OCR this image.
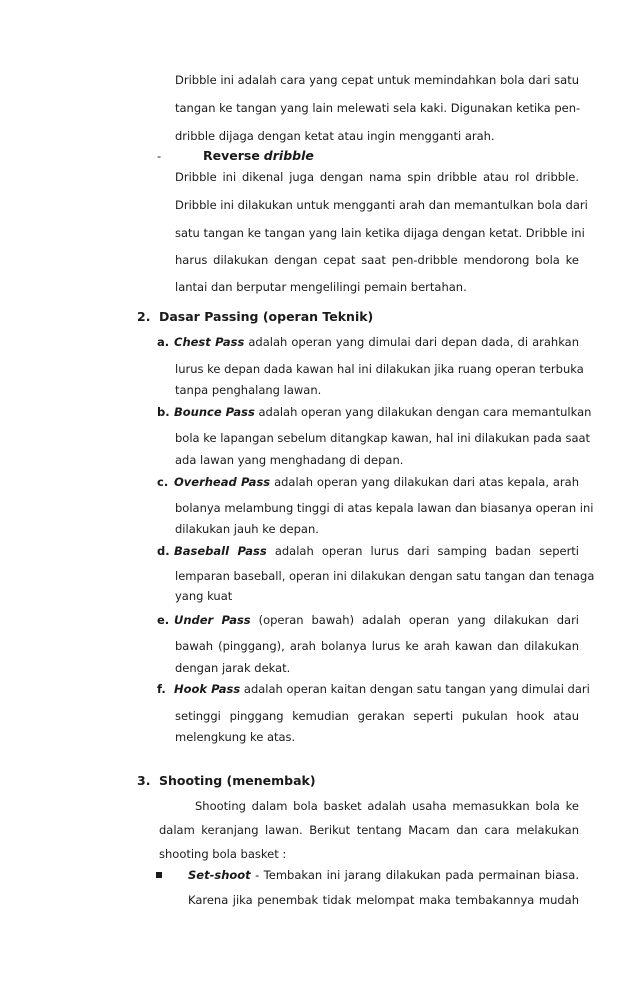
Dribble ini adalah cara yang cepat untuk memindahkan bola dari satu
tangan ke tangan yang lain melewati sela kaki. Digunakan ketika pen-
dribble dijaga dengan ketat atau ingin mengganti arah.
-	Reverse dribble
Dribble ini dikenal juga dengan nama spin dribble atau rol dribble.
Dribble ini dilakukan untuk mengganti arah dan memantulkan bola dari
satu tangan ke tangan yang lain ketika dijaga dengan ketat. Dribble ini
harus dilakukan dengan cepat saat pen-dribble mendorong bola ke
lantai dan berputar mengelilingi pemain bertahan.
2. Dasar Passing (operan Teknik)
a. Chest Pass adalah operan yang dimulai dari depan dada, di arahkan
lurus ke depan dada kawan hal ini dilakukan jika ruang operan terbuka
tanpa penghalang lawan.
b. Bounce Pass adalah operan yang dilakukan dengan cara memantulkan
bola ke lapangan sebelum ditangkap kawan, hal ini dilakukan pada saat
ada lawan yang menghadang di depan.
c. Overhead Pass adalah operan yang dilakukan dari atas kepala, arah
bolanya melambung tinggi di atas kepala lawan dan biasanya operan ini
dilakukan jauh ke depan.
d. Baseball Pass adalah operan lurus dari samping badan seperti
lemparan baseball, operan ini dilakukan dengan satu tangan dan tenaga
yang kuat
e. Under Pass (operan bawah) adalah operan yang dilakukan dari
bawah (pinggang), arah bolanya lurus ke arah kawan dan dilakukan
dengan jarak dekat.
f. Hook Pass adalah operan kaitan dengan satu tangan yang dimulai dari
setinggi pinggang kemudian gerakan seperti pukulan hook atau
melengkung ke atas.
3. Shooting (menembak)
Shooting dalam bola basket adalah usaha memasukkan bola ke
dalam keranjang lawan. Berikut tentang Macam dan cara melakukan
shooting bola basket :
Set-shoot - Tembakan ini jarang dilakukan pada permainan biasa.
Karena jika penembak tidak melompat maka tembakannya mudah
